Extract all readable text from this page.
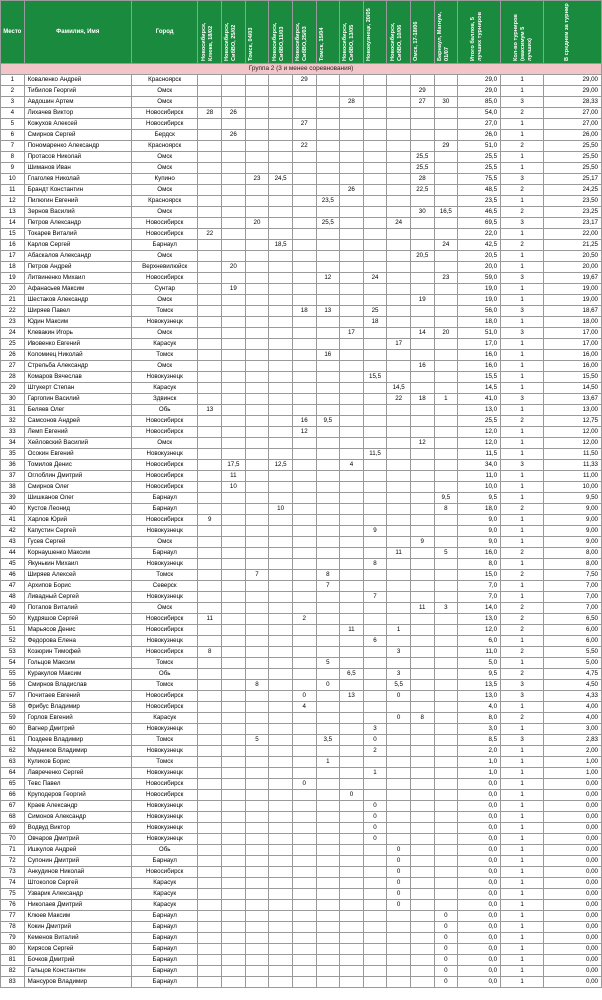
Место	Фамилия, Имя	Город	Новосибирск, Клюкв, 18/02	Новосибирск, СибВО, 25/02	Томск, 04/03	Новосибирск, СибВО,11/03	Новосибирск, СибВО,25/03	Томск, 15/04	Новосибирск, СибВО, 13/05	Новокузнецк, 20/05	Новосибирск, СибВО, 10/06	Омск, 17-18/06	Барнаул, Магнум, 01/07	Итого баллов, 5 лучших турниров	Кол-во турниров (максимум 5 лучших)	В среднем за турнир

Группа 2 (3 и менее соревнования)																
1	Коваленко Андрей	Красноярск					29							29,0	1	29,00
2	Тибилов Георгий	Омск										29		29,0	1	29,00
3	Авдошин Артем	Омск							28			27	30	85,0	3	28,33
4	Лихачев Виктор	Новосибирск	28	26										54,0	2	27,00
5	Кожухов Алексей	Новосибирск					27							27,0	1	27,00
6	Смирнов Сергей	Бердск		26										26,0	1	26,00
7	Пономаренко Александр	Красноярск					22						29	51,0	2	25,50
8	Протасов Николай	Омск										25,5		25,5	1	25,50
9	Шиманов Иван	Омск										25,5		25,5	1	25,50
10	Глаголев Николай	Купино			23	24,5						28		75,5	3	25,17
11	Брандт Константин	Омск							26			22,5		48,5	2	24,25
12	Пилюгин Евгений	Красноярск						23,5						23,5	1	23,50
13	Зернов Василий	Омск										30	16,5	46,5	2	23,25
14	Петров Александр	Новосибирск			20			25,5			24			69,5	3	23,17
15	Токарев Виталий	Новосибирск	22											22,0	1	22,00
16	Карлов Сергей	Барнаул				18,5							24	42,5	2	21,25
17	Абаскалов Александр	Омск										20,5		20,5	1	20,50
18	Петров Андрей	Верхневилюйск		20										20,0	1	20,00
19	Литвиненко Михаил	Новосибирск						12		24			23	59,0	3	19,67
20	Афанасьев Максим	Сунтар		19										19,0	1	19,00
21	Шестаков Александр	Омск										19		19,0	1	19,00
22	Ширяев Павел	Томск					18	13		25				56,0	3	18,67
23	Юдин Максим	Новокузнецк								18				18,0	1	18,00
24	Клевакин Игорь	Омск							17			14	20	51,0	3	17,00
25	Ивовенко Евгений	Карасук									17			17,0	1	17,00
26	Коломиец Николай	Томск						16						16,0	1	16,00
27	Стрельба Александр	Омск										16		16,0	1	16,00
28	Комаров Вячеслав	Новокузнецк								15,5				15,5	1	15,50
29	Штукерт Степан	Карасук									14,5			14,5	1	14,50
30	Гаргопин Василий	Здвинск									22	18	1	41,0	3	13,67
31	Беляев Олег	Обь	13											13,0	1	13,00
32	Самсонов Андрей	Новосибирск					16	9,5						25,5	2	12,75
33	Лемп Евгений	Новосибирск					12							12,0	1	12,00
34	Хейловский Василий	Омск										12		12,0	1	12,00
35	Осокин Евгений	Новокузнецк								11,5				11,5	1	11,50
36	Томилов Денис	Новосибирск		17,5		12,5			4					34,0	3	11,33
37	Оглоблин Дмитрий	Новосибирск		11										11,0	1	11,00
38	Смирнов Олег	Новосибирск		10										10,0	1	10,00
39	Шишканов Олег	Барнаул											9,5	9,5	1	9,50
40	Кустов Леонид	Барнаул				10							8	18,0	2	9,00
41	Харлов Юрий	Новосибирск	9											9,0	1	9,00
42	Капустин Сергей	Новокузнецк								9				9,0	1	9,00
43	Гусев Сергей	Омск										9		9,0	1	9,00
44	Корнаушенко Максим	Барнаул									11		5	16,0	2	8,00
45	Якунькин Михаил	Новокузнецк								8				8,0	1	8,00
46	Ширяев Алексей	Томск			7			8						15,0	2	7,50
47	Архипов Борис	Северск						7						7,0	1	7,00
48	Ливадный Сергей	Новокузнецк								7				7,0	1	7,00
49	Потапов Виталий	Омск										11	3	14,0	2	7,00
50	Кудряшов Сергей	Новосибирск	11				2							13,0	2	6,50
51	Марьясов Денис	Новосибирск							11		1			12,0	2	6,00
52	Федорова Елена	Новокузнецк								6				6,0	1	6,00
53	Козюрин Тимофей	Новосибирск	8								3			11,0	2	5,50
54	Гольцов Максим	Томск						5						5,0	1	5,00
55	Куракулов Максим	Обь							6,5		3			9,5	2	4,75
56	Смирнов Владислав	Томск			8			0			5,5			13,5	3	4,50
57	Почитаев Евгений	Новосибирск					0		13		0			13,0	3	4,33
58	Фрибус Владимир	Новосибирск					4							4,0	1	4,00
59	Горлов Евгений	Карасук									0	8		8,0	2	4,00
60	Вагнер Дмитрий	Новокузнецк								3				3,0	1	3,00
61	Поздеев Владимир	Томск			5			3,5		0				8,5	3	2,83
62	Медников Владимир	Новокузнецк								2				2,0	1	2,00
63	Куликов Борис	Томск						1						1,0	1	1,00
64	Лавреченко Сергей	Новокузнецк								1				1,0	1	1,00
65	Тевс Павел	Новосибирск					0							0,0	1	0,00
66	Круподеров Георгий	Новосибирск							0					0,0	1	0,00
67	Краев Александр	Новокузнецк								0				0,0	1	0,00
68	Симонов Александр	Новокузнецк								0				0,0	1	0,00
69	Водвуд Виктор	Новокузнецк								0				0,0	1	0,00
70	Овчаров Дмитрий	Новокузнецк								0				0,0	1	0,00
71	Ишкулов Андрей	Обь									0			0,0	1	0,00
72	Супонин Дмитрий	Барнаул									0			0,0	1	0,00
73	Анкудинов Николай	Новосибирск									0			0,0	1	0,00
74	Штоколов Сергей	Карасук									0			0,0	1	0,00
75	Узварик Александр	Карасук									0			0,0	1	0,00
76	Николаев Дмитрий	Карасук									0			0,0	1	0,00
77	Клюев Максим	Барнаул											0	0,0	1	0,00
78	Кокин Дмитрий	Барнаул											0	0,0	1	0,00
79	Кеменов Виталий	Барнаул											0	0,0	1	0,00
80	Кирясов Сергей	Барнаул											0	0,0	1	0,00
81	Бочков Дмитрий	Барнаул											0	0,0	1	0,00
82	Гальцов Константин	Барнаул											0	0,0	1	0,00
83	Мансуров Владимир	Барнаул											0	0,0	1	0,00
